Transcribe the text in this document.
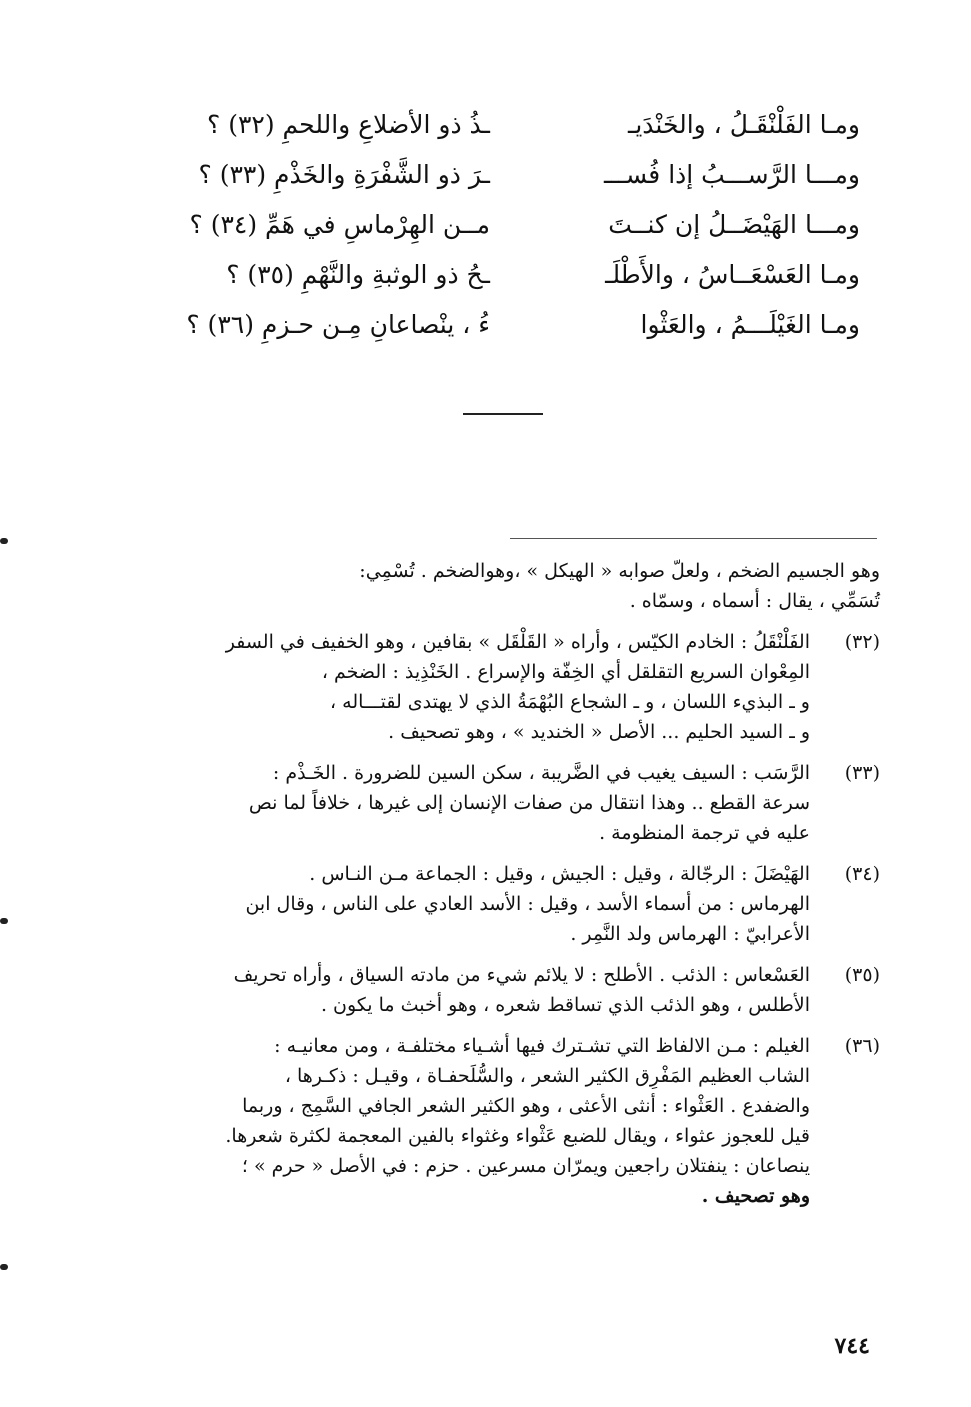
ومـا الفَلْنْقَـلُ ، والخَنْدَيـ
ـذُ ذو الأضلاعِ واللحمِ (٣٢) ؟
ومـــا الرَّســـبُ إذا فُســـ
ـرَ ذو الشَّفْرَةِ والخَذْمِ (٣٣) ؟
ومـــا الهَيْضَــلُ إن كنــتَ
مــن الهِرْماسِ في هَمِّ (٣٤) ؟
ومـا العَسْعَــاسُ ، والأَطْلَـ
ـحُ ذو الوثبةِ والنَّهْمِ (٣٥) ؟
ومـا الغَيْلَـــمُ ، والعَثْوا
ءُ ، ينْصاعانِ مِـن حـزمِ (٣٦) ؟

وهو الجسيم الضخم ، ولعلّ صوابه « الهيكل » ،وهوالضخم . تُسْمِي:

تُسَمِّي ، يقال : أسماه ، وسمّاه .

(٣٢)

الفَلْنْقَلُ : الخادم الكيّس ، وأراه « القَلْقَل » بقافين ، وهو الخفيف في السفر

المِعْوان السريع التقلقل أي الخِفّة والإسراع . الخَنْذِيذ : الضخم ،

و ـ البذيء اللسان ، و ـ الشجاع البُهْمَةُ الذي لا يهتدى لقتـــاله ،

و ـ السيد الحليم ... الأصل « الخنديد » ، وهو تصحيف .

(٣٣)

الرَّسَب : السيف يغيب في الضَّريبة ، سكن السين للضرورة . الخَـذْم :

سرعة القطع .. وهذا انتقال من صفات الإنسان إلى غيرها ، خلافاً لما نص

عليه في ترجمة المنظومة .

(٣٤)

الهَيْضَلَ : الرجّالة ، وقيل : الجيش ، وقيل : الجماعة مـن النـاس .

الهرماس : من أسماء الأسد ، وقيل : الأسد العادي على الناس ، وقال ابن

الأعرابيّ : الهرماس ولد النَّمِر .

(٣٥)

العَسْعاس : الذئب . الأطلح : لا يلائم شيء من مادته السياق ، وأراه تحريف

الأطلس ، وهو الذئب الذي تساقط شعره ، وهو أخبث ما يكون .

(٣٦)

الغيلم : مـن الالفاظ التي تشـترك فيها أشـياء مختلفـة ، ومن معانيـه :

الشاب العظيم المَفْرِق الكثير الشعر ، والسُّلَحفـاة ، وقيـل : ذكـرها ،

والضفدع . العَثْواء : أنثى الأعثى ، وهو الكثير الشعر الجافي السَّمِج ، وربما

قيل للعجوز عثواء ، ويقال للضبع عَثْواء وغثواء بالفين المعجمة لكثرة شعرها.

ينصاعان : ينفتلان راجعين ويمرّان مسرعين . حزم : في الأصل « حرم » ؛

وهو تصحيف .

٧٤٤
